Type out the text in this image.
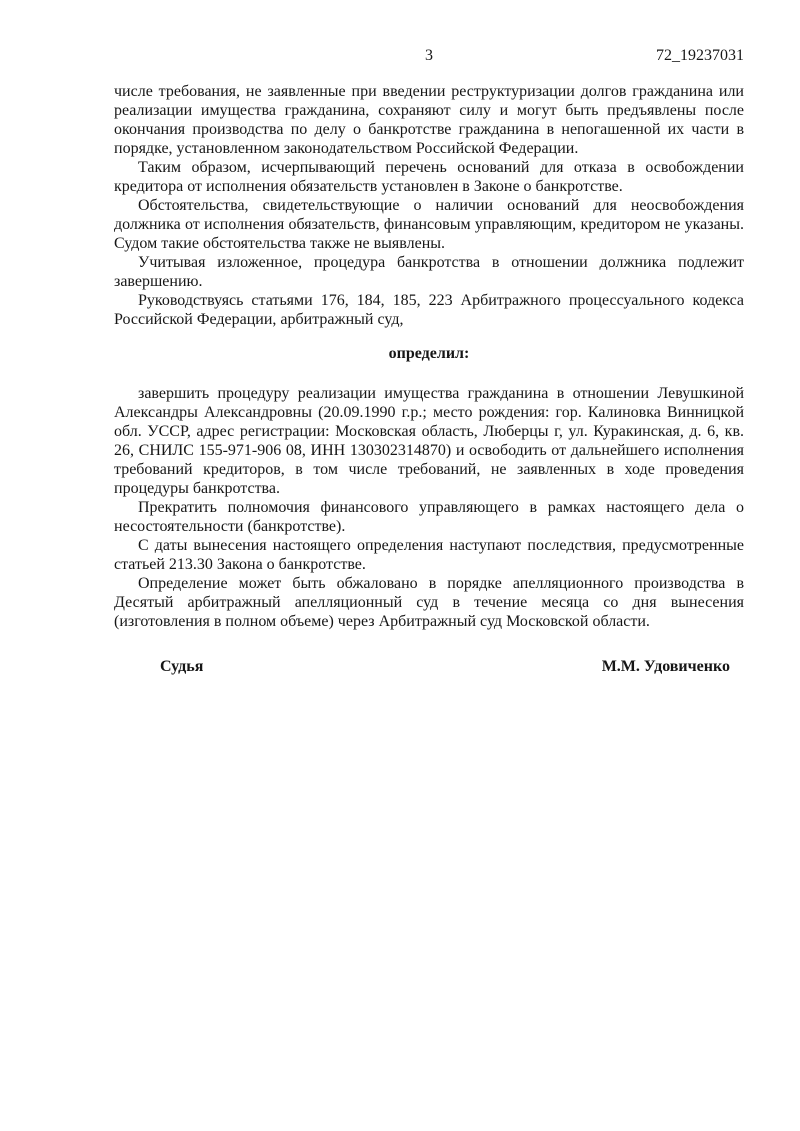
3	72_19237031

числе требования, не заявленные при введении реструктуризации долгов гражданина или реализации имущества гражданина, сохраняют силу и могут быть предъявлены после окончания производства по делу о банкротстве гражданина в непогашенной их части в порядке, установленном законодательством Российской Федерации.

Таким образом, исчерпывающий перечень оснований для отказа в освобождении кредитора от исполнения обязательств установлен в Законе о банкротстве.

Обстоятельства, свидетельствующие о наличии оснований для неосвобождения должника от исполнения обязательств, финансовым управляющим, кредитором не указаны. Судом такие обстоятельства также не выявлены.

Учитывая изложенное, процедура банкротства в отношении должника подлежит завершению.

Руководствуясь статьями 176, 184, 185, 223 Арбитражного процессуального кодекса Российской Федерации, арбитражный суд,

определил:

завершить процедуру реализации имущества гражданина в отношении Левушкиной Александры Александровны (20.09.1990 г.р.; место рождения: гор. Калиновка Винницкой обл. УССР, адрес регистрации: Московская область, Люберцы г, ул. Куракинская, д. 6, кв. 26, СНИЛС 155-971-906 08, ИНН 130302314870) и освободить от дальнейшего исполнения требований кредиторов, в том числе требований, не заявленных в ходе проведения процедуры банкротства.

Прекратить полномочия финансового управляющего в рамках настоящего дела о несостоятельности (банкротстве).

С даты вынесения настоящего определения наступают последствия, предусмотренные статьей 213.30 Закона о банкротстве.

Определение может быть обжаловано в порядке апелляционного производства в Десятый арбитражный апелляционный суд в течение месяца со дня вынесения (изготовления в полном объеме) через Арбитражный суд Московской области.

Судья	М.М. Удовиченко
